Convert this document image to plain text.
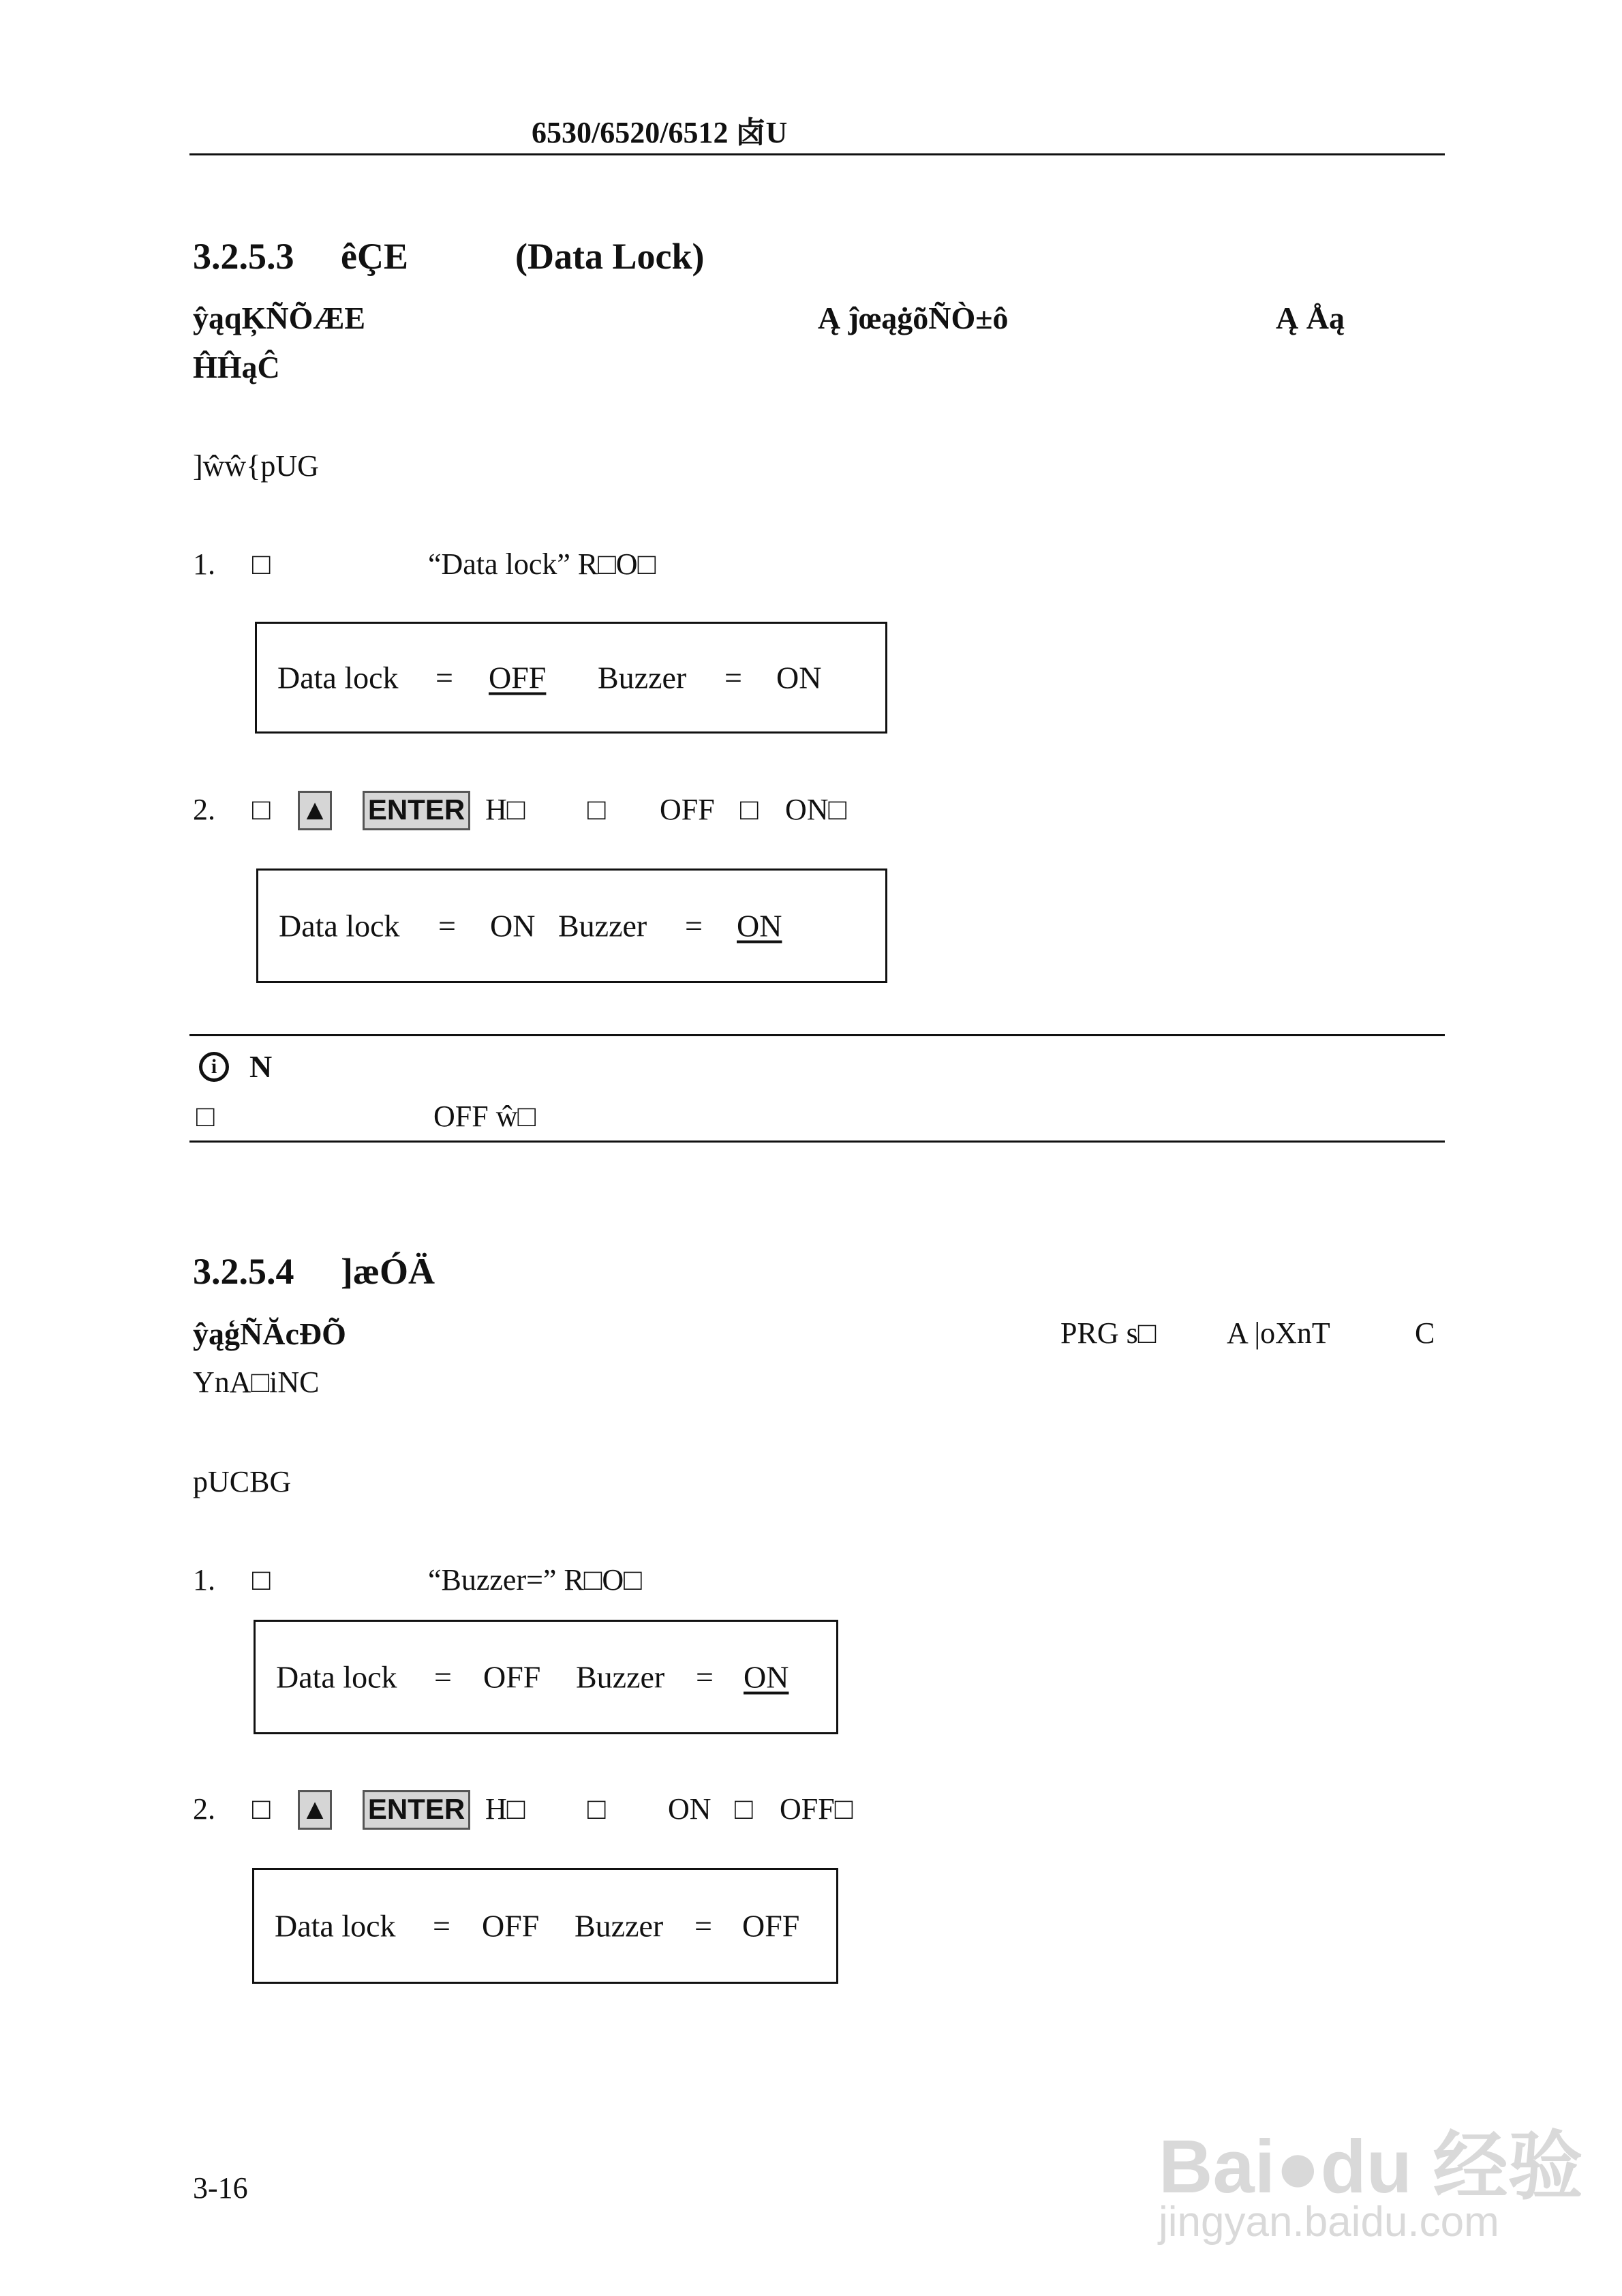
6530/6520/6512 卤U
3.2.5.3 êÇE	(Data Lock)
ŷąqĶÑÕÆE	Ą ĵœąġõÑÒ±ô	Ą Åą
ĤĤąĈ
]ŵŵ{pUG
1. □	“Data lock” R□O□
Data lock = OFF Buzzer = ON
2. □ ▲ ENTER H□ □ OFF □ ON□
Data lock = ON Buzzer = ON
i	N
□	OFF ŵ□
3.2.5.4 ]æÓÄ
ŷąģÑĂcÐÕ	PRG s□ A |oXnT	C
YnA□iNC
pUCBG
1. □	“Buzzer=” R□O□
Data lock = OFF Buzzer = ON
2. □ ▲ ENTER H□ □ ON □ OFF□
Data lock = OFF Buzzer = OFF
3-16	Bai●du 经验
jingyan.baidu.com
